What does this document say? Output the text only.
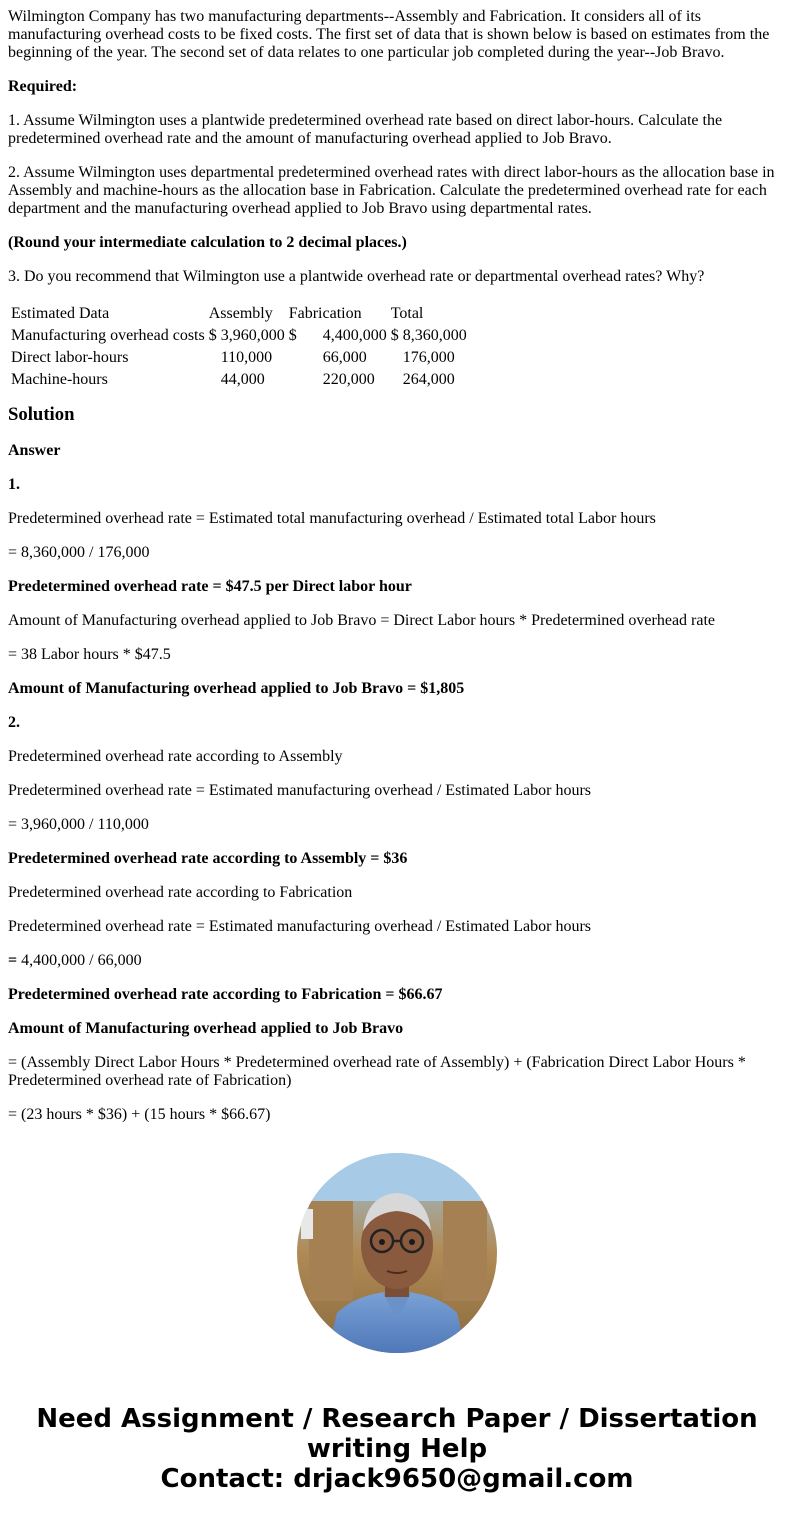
Wilmington Company has two manufacturing departments--Assembly and Fabrication. It considers all of its manufacturing overhead costs to be fixed costs. The first set of data that is shown below is based on estimates from the beginning of the year. The second set of data relates to one particular job completed during the year--Job Bravo.

Required:

1. Assume Wilmington uses a plantwide predetermined overhead rate based on direct labor-hours. Calculate the predetermined overhead rate and the amount of manufacturing overhead applied to Job Bravo.

2. Assume Wilmington uses departmental predetermined overhead rates with direct labor-hours as the allocation base in Assembly and machine-hours as the allocation base in Fabrication. Calculate the predetermined overhead rate for each department and the manufacturing overhead applied to Job Bravo using departmental rates.

(Round your intermediate calculation to 2 decimal places.)

3. Do you recommend that Wilmington use a plantwide overhead rate or departmental overhead rates? Why?

Estimated Data	Assembly		Fabrication		Total	
Manufacturing overhead costs	$	3,960,000	$	4,400,000	$	8,360,000
Direct labor-hours		110,000		66,000		176,000
Machine-hours		44,000		220,000		264,000
Solution

Answer

1.

Predetermined overhead rate = Estimated total manufacturing overhead / Estimated total Labor hours

= 8,360,000 / 176,000

Predetermined overhead rate = $47.5 per Direct labor hour

Amount of Manufacturing overhead applied to Job Bravo = Direct Labor hours * Predetermined overhead rate

= 38 Labor hours * $47.5

Amount of Manufacturing overhead applied to Job Bravo = $1,805

2.

Predetermined overhead rate according to Assembly

Predetermined overhead rate = Estimated manufacturing overhead / Estimated Labor hours

= 3,960,000 / 110,000

Predetermined overhead rate according to Assembly = $36

Predetermined overhead rate according to Fabrication

Predetermined overhead rate = Estimated manufacturing overhead / Estimated Labor hours

= 4,400,000 / 66,000

Predetermined overhead rate according to Fabrication = $66.67

Amount of Manufacturing overhead applied to Job Bravo

= (Assembly Direct Labor Hours * Predetermined overhead rate of Assembly) + (Fabrication Direct Labor Hours * Predetermined overhead rate of Fabrication)

= (23 hours * $36) + (15 hours * $66.67)

Need Assignment / Research Paper / Dissertation
writing Help
Contact: drjack9650@gmail.com
